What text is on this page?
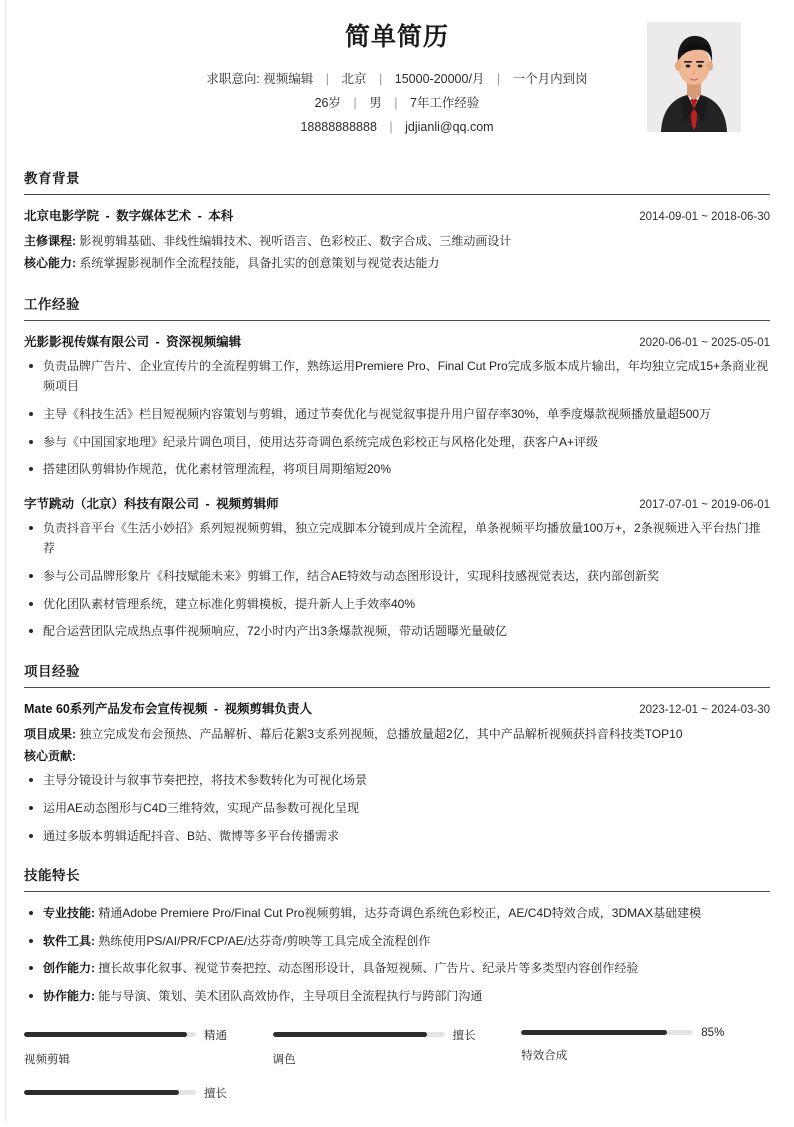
简单简历
求职意向: 视频编辑 | 北京 | 15000-20000/月 | 一个月内到岗
26岁 | 男 | 7年工作经验
18888888888 | jdjianli@qq.com
教育背景
北京电影学院 - 数字媒体艺术 - 本科	2014-09-01 ~ 2018-06-30
主修课程: 影视剪辑基础、非线性编辑技术、视听语言、色彩校正、数字合成、三维动画设计
核心能力: 系统掌握影视制作全流程技能，具备扎实的创意策划与视觉表达能力
工作经验
光影影视传媒有限公司 - 资深视频编辑	2020-06-01 ~ 2025-05-01
负责品牌广告片、企业宣传片的全流程剪辑工作，熟练运用Premiere Pro、Final Cut Pro完成多版本成片输出，年均独立完成15+条商业视频项目
主导《科技生活》栏目短视频内容策划与剪辑，通过节奏优化与视觉叙事提升用户留存率30%，单季度爆款视频播放量超500万
参与《中国国家地理》纪录片调色项目，使用达芬奇调色系统完成色彩校正与风格化处理，获客户A+评级
搭建团队剪辑协作规范，优化素材管理流程，将项目周期缩短20%
字节跳动（北京）科技有限公司 - 视频剪辑师	2017-07-01 ~ 2019-06-01
负责抖音平台《生活小妙招》系列短视频剪辑，独立完成脚本分镜到成片全流程，单条视频平均播放量100万+，2条视频进入平台热门推荐
参与公司品牌形象片《科技赋能未来》剪辑工作，结合AE特效与动态图形设计，实现科技感视觉表达，获内部创新奖
优化团队素材管理系统，建立标准化剪辑模板，提升新人上手效率40%
配合运营团队完成热点事件视频响应，72小时内产出3条爆款视频，带动话题曝光量破亿
项目经验
Mate 60系列产品发布会宣传视频 - 视频剪辑负责人	2023-12-01 ~ 2024-03-30
项目成果: 独立完成发布会预热、产品解析、幕后花絮3支系列视频，总播放量超2亿，其中产品解析视频获抖音科技类TOP10
核心贡献:
主导分镜设计与叙事节奏把控，将技术参数转化为可视化场景
运用AE动态图形与C4D三维特效，实现产品参数可视化呈现
通过多版本剪辑适配抖音、B站、微博等多平台传播需求
技能特长
专业技能: 精通Adobe Premiere Pro/Final Cut Pro视频剪辑，达芬奇调色系统色彩校正，AE/C4D特效合成，3DMAX基础建模
软件工具: 熟练使用PS/AI/PR/FCP/AE/达芬奇/剪映等工具完成全流程创作
创作能力: 擅长故事化叙事、视觉节奏把控、动态图形设计，具备短视频、广告片、纪录片等多类型内容创作经验
协作能力: 能与导演、策划、美术团队高效协作，主导项目全流程执行与跨部门沟通
精通
视频剪辑
擅长
调色
85%
特效合成
擅长
